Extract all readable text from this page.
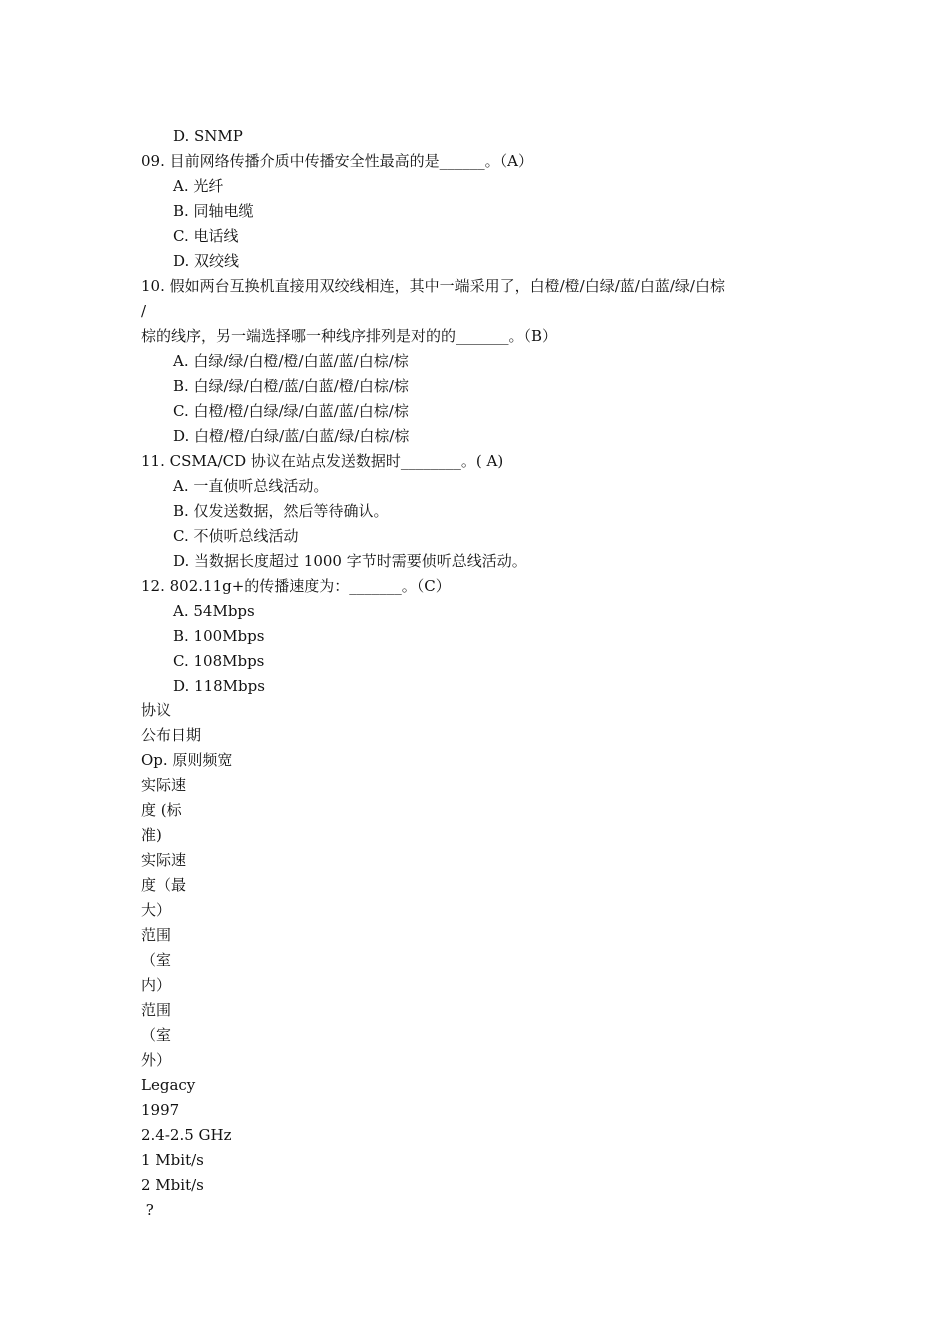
D. SNMP

09. 目前网络传播介质中传播安全性最高的是______。（A）

A. 光纤

B. 同轴电缆

C. 电话线

D. 双绞线

10. 假如两台互换机直接用双绞线相连，其中一端采用了，白橙/橙/白绿/蓝/白蓝/绿/白棕

/

棕的线序，另一端选择哪一种线序排列是对的的_______。（B）

A. 白绿/绿/白橙/橙/白蓝/蓝/白棕/棕

B. 白绿/绿/白橙/蓝/白蓝/橙/白棕/棕

C. 白橙/橙/白绿/绿/白蓝/蓝/白棕/棕

D. 白橙/橙/白绿/蓝/白蓝/绿/白棕/棕

11. CSMA/CD 协议在站点发送数据时________。( A)

A. 一直侦听总线活动。

B. 仅发送数据，然后等待确认。

C. 不侦听总线活动

D. 当数据长度超过 1000 字节时需要侦听总线活动。

12. 802.11g+的传播速度为：_______。（C）

A. 54Mbps

B. 100Mbps

C. 108Mbps

D. 118Mbps

协议

公布日期

Op. 原则频宽

实际速

度 (标

准)

实际速

度（最

大）

范围

（室

内）

范围

（室

外）

Legacy

1997

2.4-2.5 GHz

1 Mbit/s

2 Mbit/s

?
